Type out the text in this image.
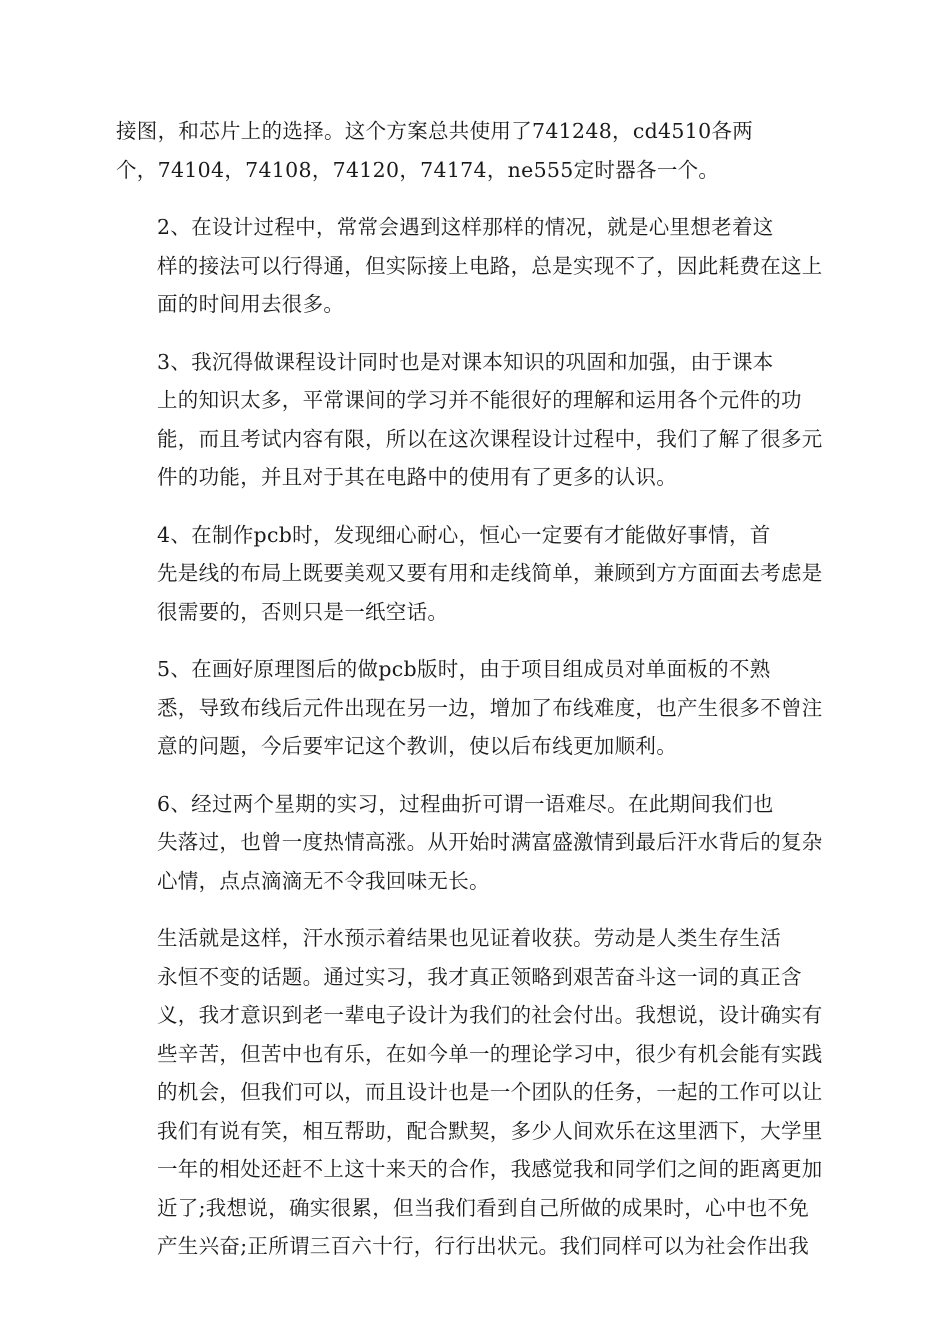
接图，和芯片上的选择。这个方案总共使用了741248，cd4510各两
个，74104，74108，74120，74174，ne555定时器各一个。

2、在设计过程中，常常会遇到这样那样的情况，就是心里想老着这
样的接法可以行得通，但实际接上电路，总是实现不了，因此耗费在这上
面的时间用去很多。

3、我沉得做课程设计同时也是对课本知识的巩固和加强，由于课本
上的知识太多，平常课间的学习并不能很好的理解和运用各个元件的功
能，而且考试内容有限，所以在这次课程设计过程中，我们了解了很多元
件的功能，并且对于其在电路中的使用有了更多的认识。

4、在制作pcb时，发现细心耐心，恒心一定要有才能做好事情，首
先是线的布局上既要美观又要有用和走线简单，兼顾到方方面面去考虑是
很需要的，否则只是一纸空话。

5、在画好原理图后的做pcb版时，由于项目组成员对单面板的不熟
悉，导致布线后元件出现在另一边，增加了布线难度，也产生很多不曾注
意的问题，今后要牢记这个教训，使以后布线更加顺利。

6、经过两个星期的实习，过程曲折可谓一语难尽。在此期间我们也
失落过，也曾一度热情高涨。从开始时满富盛激情到最后汗水背后的复杂
心情，点点滴滴无不令我回味无长。

生活就是这样，汗水预示着结果也见证着收获。劳动是人类生存生活
永恒不变的话题。通过实习，我才真正领略到艰苦奋斗这一词的真正含
义，我才意识到老一辈电子设计为我们的社会付出。我想说，设计确实有
些辛苦，但苦中也有乐，在如今单一的理论学习中，很少有机会能有实践
的机会，但我们可以，而且设计也是一个团队的任务，一起的工作可以让
我们有说有笑，相互帮助，配合默契，多少人间欢乐在这里洒下，大学里
一年的相处还赶不上这十来天的合作，我感觉我和同学们之间的距离更加
近了;我想说，确实很累，但当我们看到自己所做的成果时，心中也不免
产生兴奋;正所谓三百六十行，行行出状元。我们同样可以为社会作出我
